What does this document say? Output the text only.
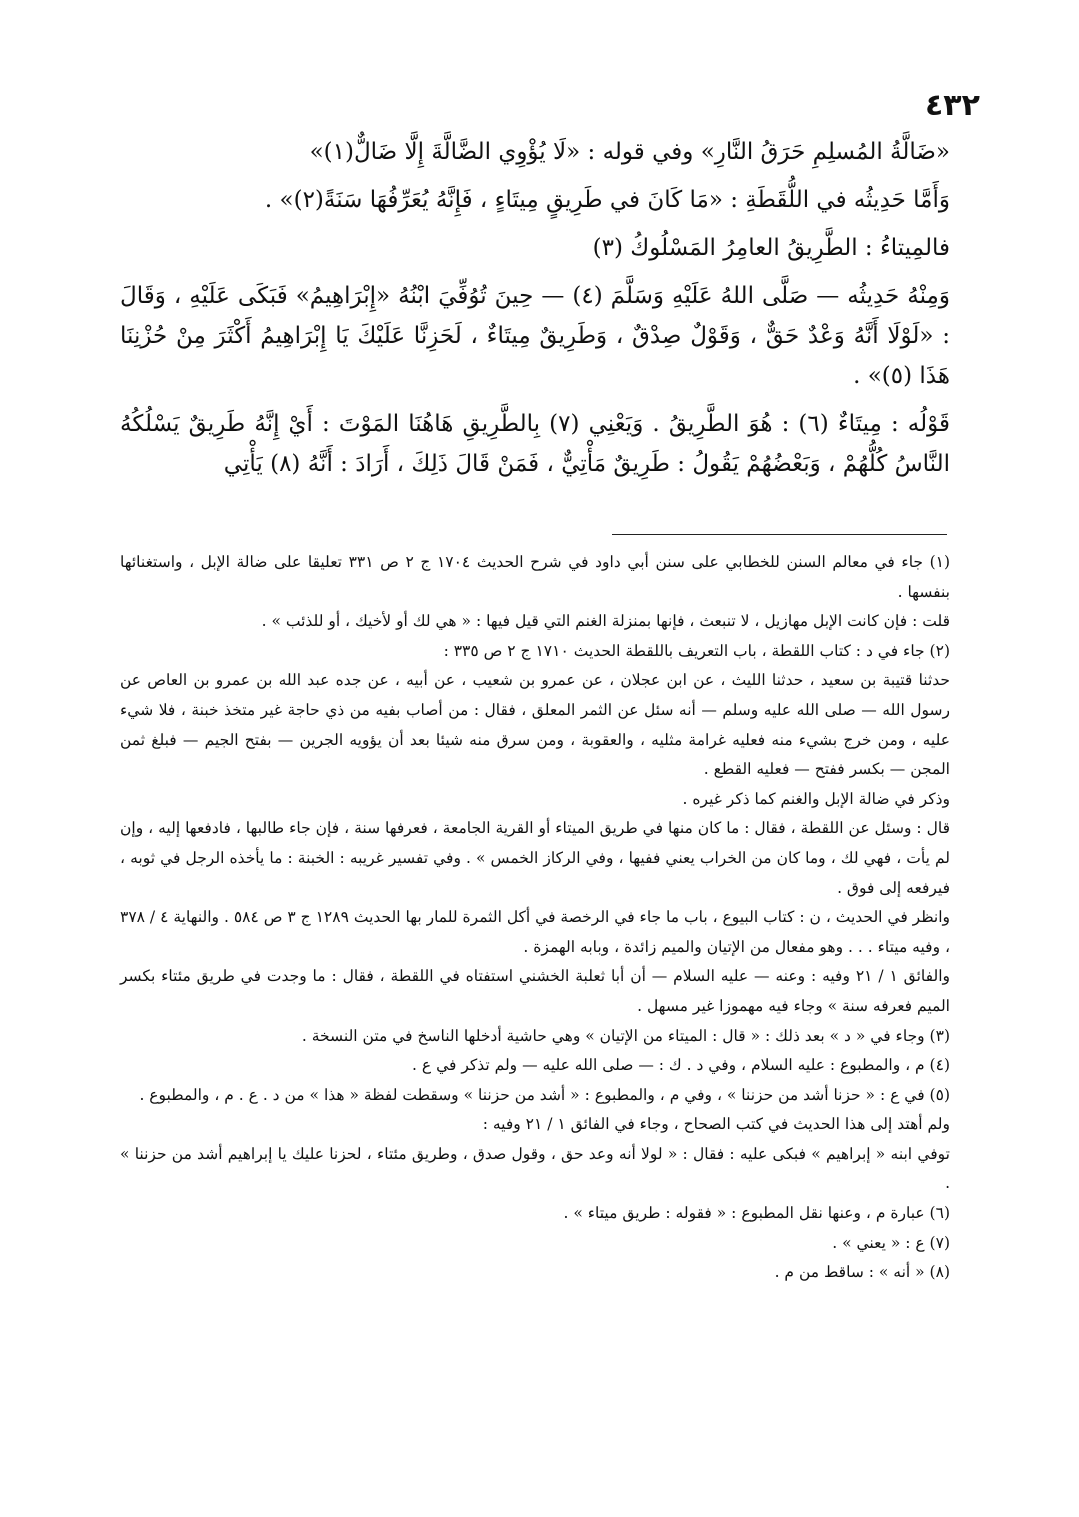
٤٣٢

«ضَالَّةُ المُسلِمِ حَرَقُ النَّارِ» وفي قوله : «لَا يُؤْوِي الضَّالَّةَ إِلَّا ضَالٌّ(١)»

وَأَمَّا حَدِيثُه في اللُّقَطَةِ : «مَا كَانَ في طَرِيقٍ مِيتَاءٍ ، فَإِنَّهُ يُعَرِّفُهَا سَنَةً(٢)» .

فالمِيتاءُ : الطَّرِيقُ العامِرُ المَسْلُوكُ (٣)

وَمِنْهُ حَدِيثُه — صَلَّى اللهُ عَلَيْهِ وَسَلَّمَ (٤) — حِينَ تُوُفِّيَ ابْنُهُ «إِبْرَاهِيمُ» فَبَكَى عَلَيْهِ ، وَقَالَ : «لَوْلَا أَنَّهُ وَعْدٌ حَقٌّ ، وَقَوْلٌ صِدْقٌ ، وَطَرِيقٌ مِيتَاءٌ ، لَحَزِنَّا عَلَيْكَ يَا إِبْرَاهِيمُ أَكْثَرَ مِنْ حُزْنِنَا هَذَا (٥)» .

قَوْلُه : مِيتَاءٌ (٦) : هُوَ الطَّرِيقُ . وَيَعْنِي (٧) بِالطَّرِيقِ هَاهُنَا المَوْتَ : أَيْ إِنَّهُ طَرِيقٌ يَسْلُكُهُ النَّاسُ كُلُّهُمْ ، وَبَعْضُهُمْ يَقُولُ : طَرِيقٌ مَأْتِيٌّ ، فَمَنْ قَالَ ذَلِكَ ، أَرَادَ : أَنَّهُ (٨) يَأْتِي

(١) جاء في معالم السنن للخطابي على سنن أبي داود في شرح الحديث ١٧٠٤ ج ٢ ص ٣٣١ تعليقا على ضالة الإبل ، واستغنائها بنفسها .

قلت : فإن كانت الإبل مهازيل ، لا تنبعث ، فإنها بمنزلة الغنم التي قيل فيها : « هي لك أو لأخيك ، أو للذئب » .

(٢) جاء في د : كتاب اللقطة ، باب التعريف باللقطة الحديث ١٧١٠ ج ٢ ص ٣٣٥ :

حدثنا قتيبة بن سعيد ، حدثنا الليث ، عن ابن عجلان ، عن عمرو بن شعيب ، عن أبيه ، عن جده عبد الله بن عمرو بن العاص عن رسول الله — صلى الله عليه وسلم — أنه سئل عن الثمر المعلق ، فقال : من أصاب بفيه من ذي حاجة غير متخذ خبنة ، فلا شيء عليه ، ومن خرج بشيء منه فعليه غرامة مثليه ، والعقوبة ، ومن سرق منه شيئا بعد أن يؤويه الجرين — بفتح الجيم — فبلغ ثمن المجن — بكسر ففتح — فعليه القطع .

وذكر في ضالة الإبل والغنم كما ذكر غيره .

قال : وسئل عن اللقطة ، فقال : ما كان منها في طريق الميتاء أو القرية الجامعة ، فعرفها سنة ، فإن جاء طالبها ، فادفعها إليه ، وإن لم يأت ، فهي لك ، وما كان من الخراب يعني ففيها ، وفي الركاز الخمس » . وفي تفسير غريبه : الخبنة : ما يأخذه الرجل في ثوبه ، فيرفعه إلى فوق .

وانظر في الحديث ، ن : كتاب البيوع ، باب ما جاء في الرخصة في أكل الثمرة للمار بها الحديث ١٢٨٩ ج ٣ ص ٥٨٤ . والنهاية ٤ / ٣٧٨ ، وفيه ميتاء . . . وهو مفعال من الإتيان والميم زائدة ، وبابه الهمزة .

والفائق ١ / ٢١ وفيه : وعنه — عليه السلام — أن أبا ثعلبة الخشني استفتاه في اللقطة ، فقال : ما وجدت في طريق مئتاء بكسر الميم فعرفه سنة » وجاء فيه مهموزا غير مسهل .

(٣) وجاء في « د » بعد ذلك : « قال : الميتاء من الإتيان » وهي حاشية أدخلها الناسخ في متن النسخة .

(٤) م ، والمطبوع : عليه السلام ، وفي د . ك : — صلى الله عليه — ولم تذكر في ع .

(٥) في ع : « حزنا أشد من حزننا » ، وفي م ، والمطبوع : « أشد من حزننا » وسقطت لفظة « هذا » من د . ع . م ، والمطبوع .

ولم أهتد إلى هذا الحديث في كتب الصحاح ، وجاء في الفائق ١ / ٢١ وفيه :

توفي ابنه « إبراهيم » فبكى عليه : فقال : « لولا أنه وعد حق ، وقول صدق ، وطريق مئتاء ، لحزنا عليك يا إبراهيم أشد من حزننا » .

(٦) عبارة م ، وعنها نقل المطبوع : « فقوله : طريق ميتاء » .

(٧) ع : « يعني » .

(٨) « أنه » : ساقط من م .
